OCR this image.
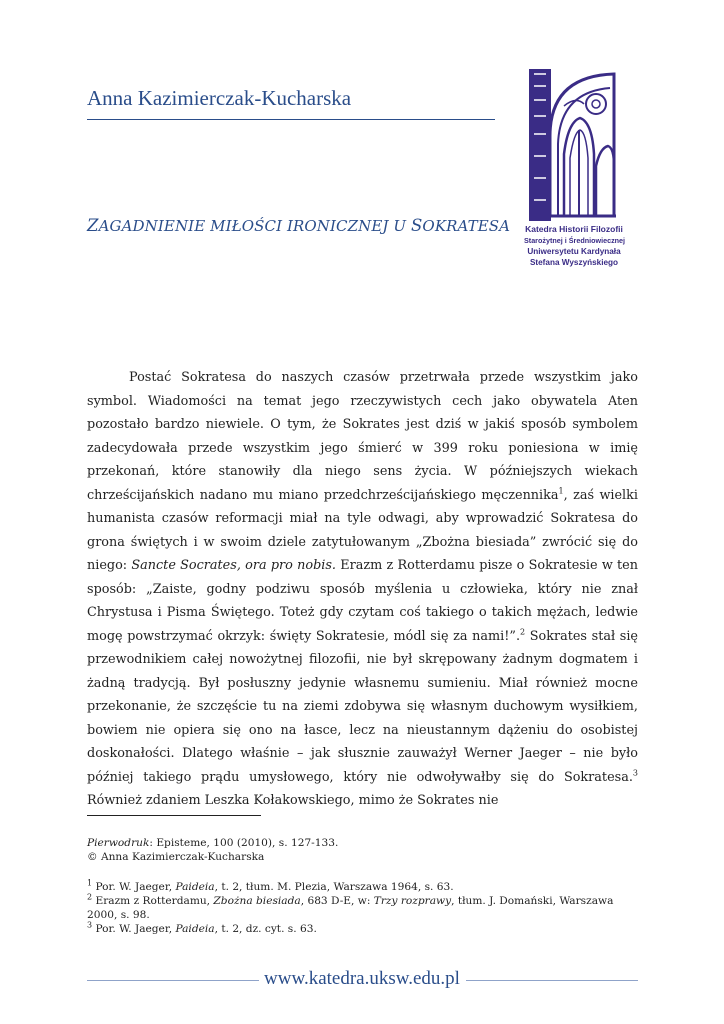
Anna Kazimierczak-Kucharska
Katedra Historii Filozofii
Starożytnej i Średniowiecznej
Uniwersytetu Kardynała
Stefana Wyszyńskiego
ZAGADNIENIE MIŁOŚCI IRONICZNEJ U SOKRATESA

Postać Sokratesa do naszych czasów przetrwała przede wszystkim jako symbol. Wiadomości na temat jego rzeczywistych cech jako obywatela Aten pozostało bardzo niewiele. O tym, że Sokrates jest dziś w jakiś sposób symbolem zadecydowała przede wszystkim jego śmierć w 399 roku poniesiona w imię przekonań, które stanowiły dla niego sens życia. W późniejszych wiekach chrześcijańskich nadano mu miano przedchrześcijańskiego męczennika$^1$, zaś wielki humanista czasów reformacji miał na tyle odwagi, aby wprowadzić Sokratesa do grona świętych i w swoim dziele zatytułowanym „Zbożna biesiada” zwrócić się do niego: Sancte Socrates, ora pro nobis. Erazm z Rotterdamu pisze o Sokratesie w ten sposób: „Zaiste, godny podziwu sposób myślenia u człowieka, który nie znał Chrystusa i Pisma Świętego. Toteż gdy czytam coś takiego o takich mężach, ledwie mogę powstrzymać okrzyk: święty Sokratesie, módl się za nami!”.$^2$ Sokrates stał się przewodnikiem całej nowożytnej filozofii, nie był skrępowany żadnym dogmatem i żadną tradycją. Był posłuszny jedynie własnemu sumieniu. Miał również mocne przekonanie, że szczęście tu na ziemi zdobywa się własnym duchowym wysiłkiem, bowiem nie opiera się ono na łasce, lecz na nieustannym dążeniu do osobistej doskonałości. Dlatego właśnie – jak słusznie zauważył Werner Jaeger – nie było później takiego prądu umysłowego, który nie odwoływałby się do Sokratesa.$^3$ Również zdaniem Leszka Kołakowskiego, mimo że Sokrates nie

Pierwodruk: Episteme, 100 (2010), s. 127-133.
© Anna Kazimierczak-Kucharska
$^1$ Por. W. Jaeger, Paideia, t. 2, tłum. M. Plezia, Warszawa 1964, s. 63.
$^2$ Erazm z Rotterdamu, Zbożna biesiada, 683 D-E, w: Trzy rozprawy, tłum. J. Domański, Warszawa 2000, s. 98.
$^3$ Por. W. Jaeger, Paideia, t. 2, dz. cyt. s. 63.
www.katedra.uksw.edu.pl
